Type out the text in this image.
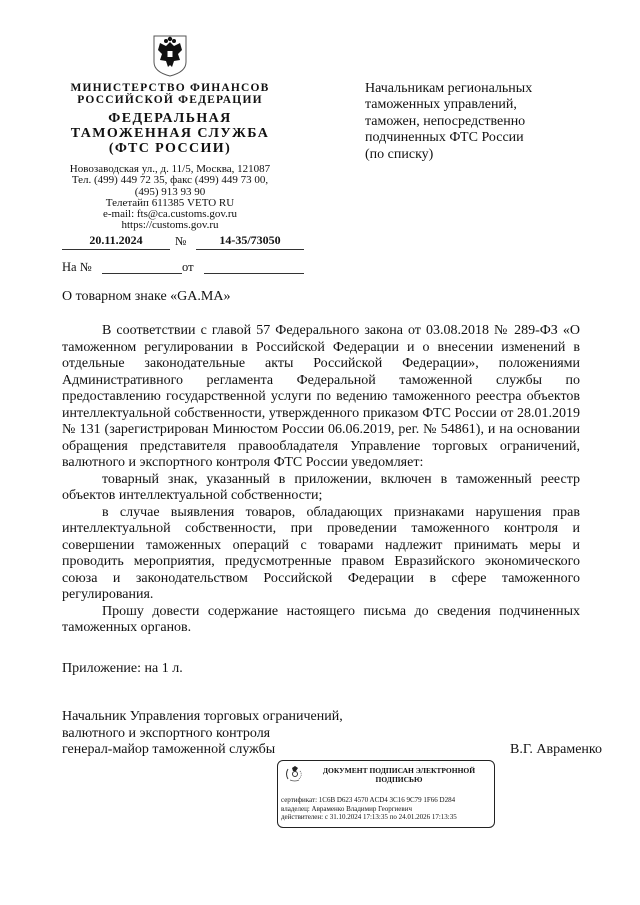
МИНИСТЕРСТВО ФИНАНСОВ
РОССИЙСКОЙ ФЕДЕРАЦИИ
ФЕДЕРАЛЬНАЯ
ТАМОЖЕННАЯ СЛУЖБА
(ФТС РОССИИ)
Новозаводская ул., д. 11/5, Москва, 121087
Тел. (499) 449 72 35, факс (499) 449 73 00,
(495) 913 93 90
Телетайп 611385 VETO RU
e-mail: fts@ca.customs.gov.ru
https://customs.gov.ru
20.11.2024	№	14-35/73050
На №	от
Начальникам региональных
таможенных управлений,
таможен, непосредственно
подчиненных ФТС России
(по списку)
О товарном знаке «GA.MA»

В соответствии с главой 57 Федерального закона от 03.08.2018 № 289-ФЗ «О таможенном регулировании в Российской Федерации и о внесении изменений в отдельные законодательные акты Российской Федерации», положениями Административного регламента Федеральной таможенной службы по предоставлению государственной услуги по ведению таможенного реестра объектов интеллектуальной собственности, утвержденного приказом ФТС России от 28.01.2019 № 131 (зарегистрирован Минюстом России 06.06.2019, рег. № 54861), и на основании обращения представителя правообладателя Управление торговых ограничений, валютного и экспортного контроля ФТС России уведомляет:

товарный знак, указанный в приложении, включен в таможенный реестр объектов интеллектуальной собственности;

в случае выявления товаров, обладающих признаками нарушения прав интеллектуальной собственности, при проведении таможенного контроля и совершении таможенных операций с товарами надлежит принимать меры и проводить мероприятия, предусмотренные правом Евразийского экономического союза и законодательством Российской Федерации в сфере таможенного регулирования.

Прошу довести содержание настоящего письма до сведения подчиненных таможенных органов.

Приложение: на 1 л.
Начальник Управления торговых ограничений,
валютного и экспортного контроля
генерал-майор таможенной службы	В.Г. Авраменко
ДОКУМЕНТ ПОДПИСАН ЭЛЕКТРОННОЙ ПОДПИСЬЮ
сертификат: 1C6B D623 4570 ACD4 3C16 9C79 1F66 D284
владелец: Авраменко Владимир Георгиевич
действителен: с 31.10.2024 17:13:35 по 24.01.2026 17:13:35
